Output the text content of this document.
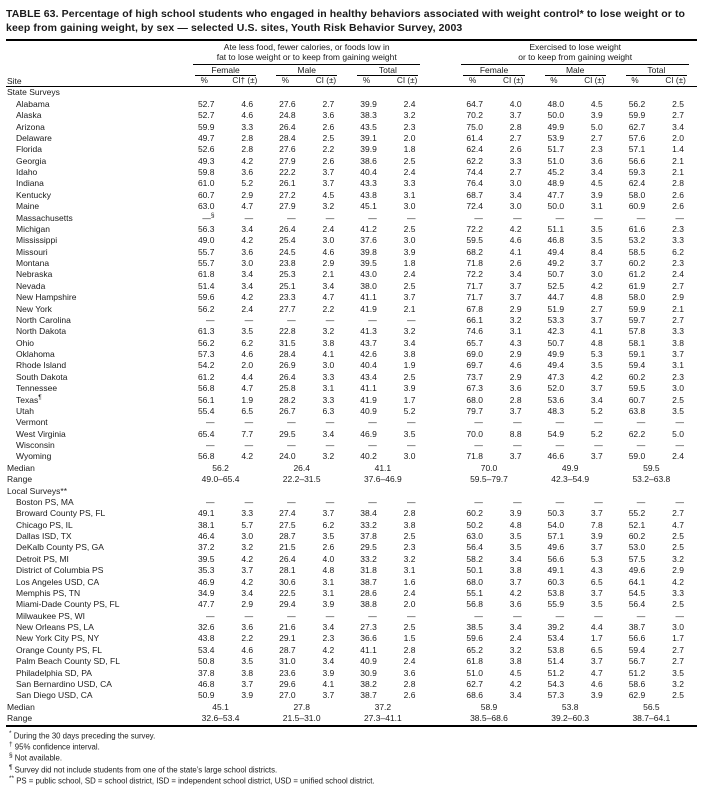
TABLE 63. Percentage of high school students who engaged in healthy behaviors associated with weight control* to lose weight or to keep from gaining weight, by sex — selected U.S. sites, Youth Risk Behavior Survey, 2003
Site	Ate less food, fewer calories, or foods low in
fat to lose weight or to keep from gaining weight							Exercised to lose weight
or to keep from gaining weight					

	Female		Male		Total			Female		Male		Total	

	%	CI† (±)	%	CI (±)	%	CI (±)		%	CI (±)	%	CI (±)	%	CI (±)
State Surveys													
Alabama	52.7	4.6	27.6	2.7	39.9	2.4		64.7	4.0	48.0	4.5	56.2	2.5
Alaska	52.7	4.6	24.8	3.6	38.3	3.2		70.2	3.7	50.0	3.9	59.9	2.7
Arizona	59.9	3.3	26.4	2.6	43.5	2.3		75.0	2.8	49.9	5.0	62.7	3.4
Delaware	49.7	2.8	28.4	2.5	39.1	2.0		61.4	2.7	53.9	2.7	57.6	2.0
Florida	52.6	2.8	27.6	2.2	39.9	1.8		62.4	2.6	51.7	2.3	57.1	1.4
Georgia	49.3	4.2	27.9	2.6	38.6	2.5		62.2	3.3	51.0	3.6	56.6	2.1
Idaho	59.8	3.6	22.2	3.7	40.4	2.4		74.4	2.7	45.2	3.4	59.3	2.1
Indiana	61.0	5.2	26.1	3.7	43.3	3.3		76.4	3.0	48.9	4.5	62.4	2.8
Kentucky	60.7	2.9	27.2	4.5	43.8	3.1		68.7	3.4	47.7	3.9	58.0	2.6
Maine	63.0	4.7	27.9	3.2	45.1	3.0		72.4	3.0	50.0	3.1	60.9	2.6
Massachusetts	—§	—	—	—	—	—		—	—	—	—	—	—
Michigan	56.3	3.4	26.4	2.4	41.2	2.5		72.2	4.2	51.1	3.5	61.6	2.3
Mississippi	49.0	4.2	25.4	3.0	37.6	3.0		59.5	4.6	46.8	3.5	53.2	3.3
Missouri	55.7	3.6	24.5	4.6	39.8	3.9		68.2	4.1	49.4	8.4	58.5	6.2
Montana	55.7	3.0	23.8	2.9	39.5	1.8		71.8	2.6	49.2	3.7	60.2	2.3
Nebraska	61.8	3.4	25.3	2.1	43.0	2.4		72.2	3.4	50.7	3.0	61.2	2.4
Nevada	51.4	3.4	25.1	3.4	38.0	2.5		71.7	3.7	52.5	4.2	61.9	2.7
New Hampshire	59.6	4.2	23.3	4.7	41.1	3.7		71.7	3.7	44.7	4.8	58.0	2.9
New York	56.2	2.4	27.7	2.2	41.9	2.1		67.8	2.9	51.9	2.7	59.9	2.1
North Carolina	—	—	—	—	—	—		66.1	3.2	53.3	3.7	59.7	2.7
North Dakota	61.3	3.5	22.8	3.2	41.3	3.2		74.6	3.1	42.3	4.1	57.8	3.3
Ohio	56.2	6.2	31.5	3.8	43.7	3.4		65.7	4.3	50.7	4.8	58.1	3.8
Oklahoma	57.3	4.6	28.4	4.1	42.6	3.8		69.0	2.9	49.9	5.3	59.1	3.7
Rhode Island	54.2	2.0	26.9	3.0	40.4	1.9		69.7	4.6	49.4	3.5	59.4	3.1
South Dakota	61.2	4.4	26.4	3.3	43.4	2.5		73.7	2.9	47.3	4.2	60.2	2.3
Tennessee	56.8	4.7	25.8	3.1	41.1	3.9		67.3	3.6	52.0	3.7	59.5	3.0
Texas¶	56.1	1.9	28.2	3.3	41.9	1.7		68.0	2.8	53.6	3.4	60.7	2.5
Utah	55.4	6.5	26.7	6.3	40.9	5.2		79.7	3.7	48.3	5.2	63.8	3.5
Vermont	—	—	—	—	—	—		—	—	—	—	—	—
West Virginia	65.4	7.7	29.5	3.4	46.9	3.5		70.0	8.8	54.9	5.2	62.2	5.0
Wisconsin	—	—	—	—	—	—		—	—	—	—	—	—
Wyoming	56.8	4.2	24.0	3.2	40.2	3.0		71.8	3.7	46.6	3.7	59.0	2.4
Median	56.2		26.4		41.1			70.0		49.9		59.5	
Range	49.0–65.4		22.2–31.5		37.6–46.9			59.5–79.7		42.3–54.9		53.2–63.8	
Local Surveys**													
Boston PS, MA	—	—	—	—	—	—		—	—	—	—	—	—
Broward County PS, FL	49.1	3.3	27.4	3.7	38.4	2.8		60.2	3.9	50.3	3.7	55.2	2.7
Chicago PS, IL	38.1	5.7	27.5	6.2	33.2	3.8		50.2	4.8	54.0	7.8	52.1	4.7
Dallas ISD, TX	46.4	3.0	28.7	3.5	37.8	2.5		63.0	3.5	57.1	3.9	60.2	2.5
DeKalb County PS, GA	37.2	3.2	21.5	2.6	29.5	2.3		56.4	3.5	49.6	3.7	53.0	2.5
Detroit PS, MI	39.5	4.2	26.4	4.0	33.2	3.2		58.2	3.4	56.6	5.3	57.5	3.2
District of Columbia PS	35.3	3.7	28.1	4.8	31.8	3.1		50.1	3.8	49.1	4.3	49.6	2.9
Los Angeles USD, CA	46.9	4.2	30.6	3.1	38.7	1.6		68.0	3.7	60.3	6.5	64.1	4.2
Memphis PS, TN	34.9	3.4	22.5	3.1	28.6	2.4		55.1	4.2	53.8	3.7	54.5	3.3
Miami-Dade County PS, FL	47.7	2.9	29.4	3.9	38.8	2.0		56.8	3.6	55.9	3.5	56.4	2.5
Milwaukee PS, WI	—	—	—	—	—	—		—	—	—	—	—	—
New Orleans PS, LA	32.6	3.6	21.6	3.4	27.3	2.5		38.5	3.4	39.2	4.4	38.7	3.0
New York City PS, NY	43.8	2.2	29.1	2.3	36.6	1.5		59.6	2.4	53.4	1.7	56.6	1.7
Orange County PS, FL	53.4	4.6	28.7	4.2	41.1	2.8		65.2	3.2	53.8	6.5	59.4	2.7
Palm Beach County SD, FL	50.8	3.5	31.0	3.4	40.9	2.4		61.8	3.8	51.4	3.7	56.7	2.7
Philadelphia SD, PA	37.8	3.8	23.6	3.9	30.9	3.6		51.0	4.5	51.2	4.7	51.2	3.5
San Bernardino USD, CA	46.8	3.7	29.6	4.1	38.2	2.8		62.7	4.2	54.3	4.6	58.6	3.2
San Diego USD, CA	50.9	3.9	27.0	3.7	38.7	2.6		68.6	3.4	57.3	3.9	62.9	2.5
Median	45.1		27.8		37.2			58.9		53.8		56.5	
Range	32.6–53.4		21.5–31.0		27.3–41.1			38.5–68.6		39.2–60.3		38.7–64.1	
* During the 30 days preceding the survey.
† 95% confidence interval.
§ Not available.
¶ Survey did not include students from one of the state’s large school districts.
** PS = public school, SD = school district, ISD = independent school district, USD = unified school district.
